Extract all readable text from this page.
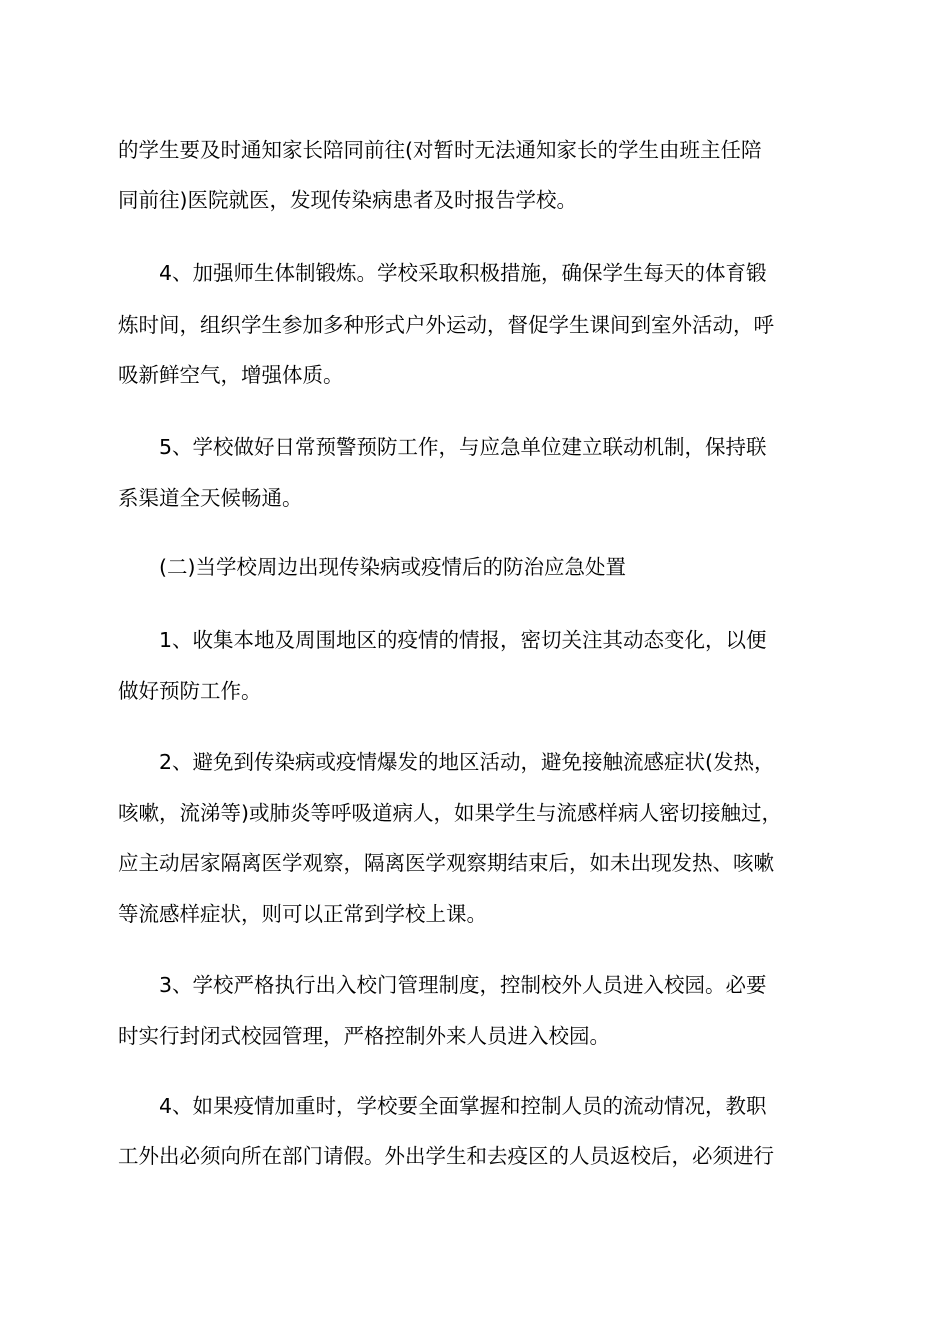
的学生要及时通知家长陪同前往(对暂时无法通知家长的学生由班主任陪
同前往)医院就医，发现传染病患者及时报告学校。
4、加强师生体制锻炼。学校采取积极措施，确保学生每天的体育锻
炼时间，组织学生参加多种形式户外运动，督促学生课间到室外活动，呼
吸新鲜空气，增强体质。
5、学校做好日常预警预防工作，与应急单位建立联动机制，保持联
系渠道全天候畅通。
(二)当学校周边出现传染病或疫情后的防治应急处置
1、收集本地及周围地区的疫情的情报，密切关注其动态变化，以便
做好预防工作。
2、避免到传染病或疫情爆发的地区活动，避免接触流感症状(发热，
咳嗽，流涕等)或肺炎等呼吸道病人，如果学生与流感样病人密切接触过，
应主动居家隔离医学观察，隔离医学观察期结束后，如未出现发热、咳嗽
等流感样症状，则可以正常到学校上课。
3、学校严格执行出入校门管理制度，控制校外人员进入校园。必要
时实行封闭式校园管理，严格控制外来人员进入校园。
4、如果疫情加重时，学校要全面掌握和控制人员的流动情况，教职
工外出必须向所在部门请假。外出学生和去疫区的人员返校后，必须进行
